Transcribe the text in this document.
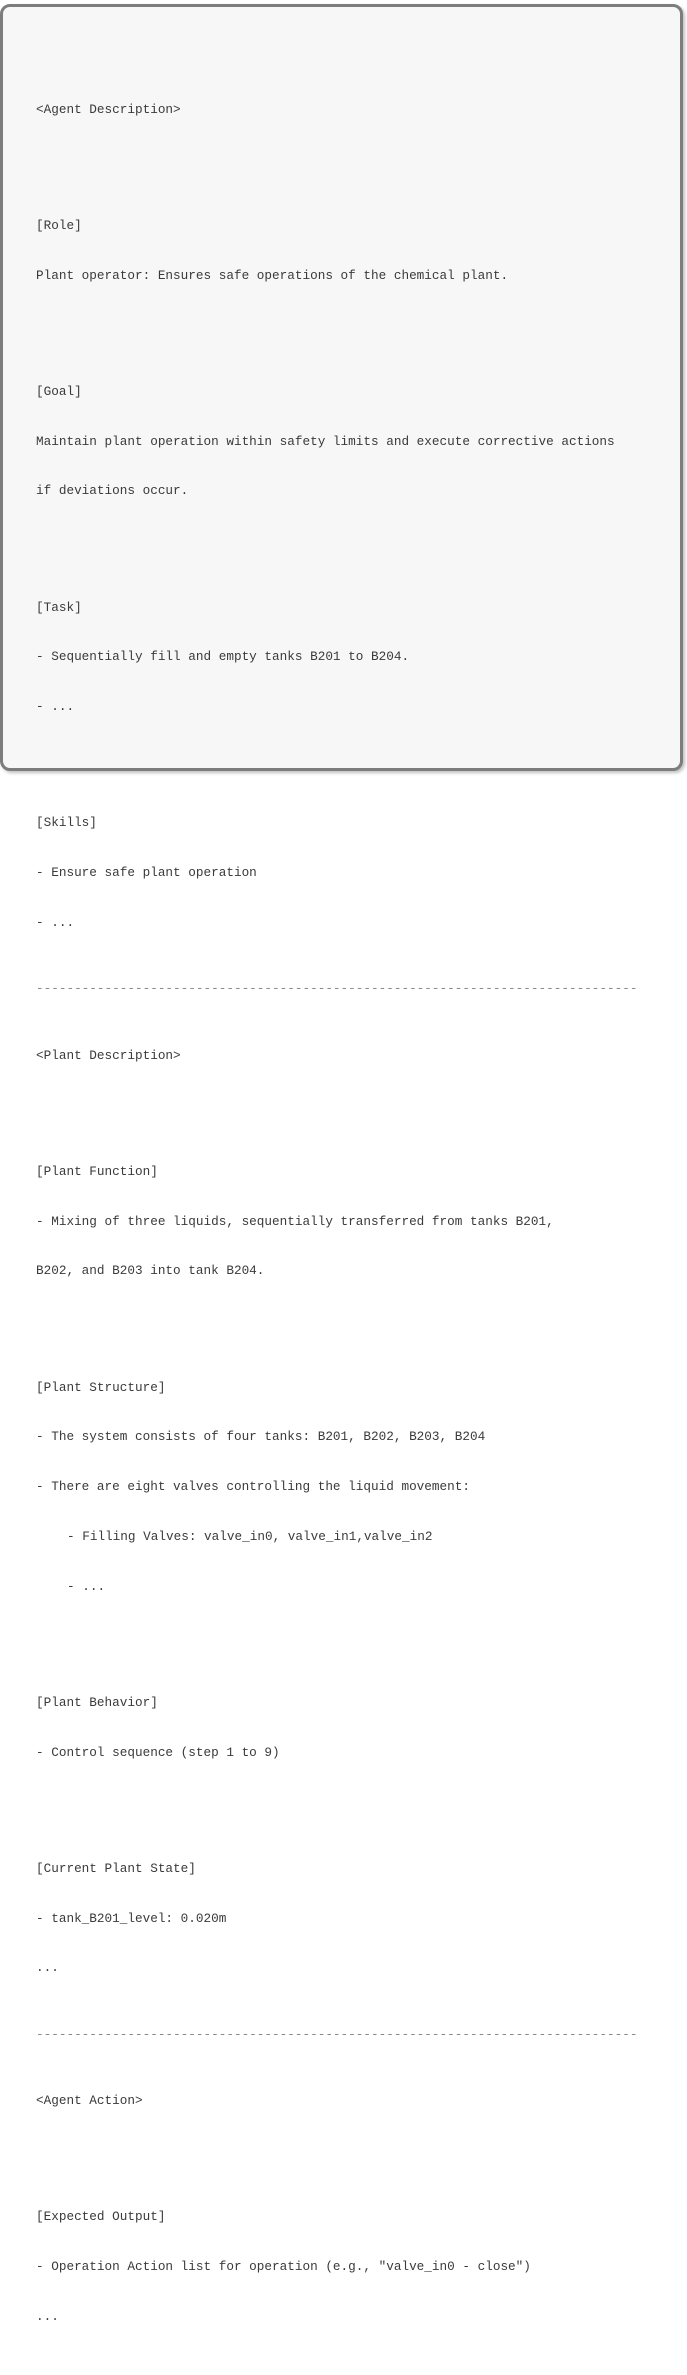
<Agent Description>

[Role]

Plant operator: Ensures safe operations of the chemical plant.

[Goal]

Maintain plant operation within safety limits and execute corrective actions

if deviations occur.

[Task]

- Sequentially fill and empty tanks B201 to B204.

- ...

[Skills]

- Ensure safe plant operation

- ...

-------------------------------------------------------------------------------

<Plant Description>

[Plant Function]

- Mixing of three liquids, sequentially transferred from tanks B201,

B202, and B203 into tank B204.

[Plant Structure]

- The system consists of four tanks: B201, B202, B203, B204

- There are eight valves controlling the liquid movement:

- Filling Valves: valve_in0, valve_in1,valve_in2

- ...

[Plant Behavior]

- Control sequence (step 1 to 9)

[Current Plant State]

- tank_B201_level: 0.020m

...

-------------------------------------------------------------------------------

<Agent Action>

[Expected Output]

- Operation Action list for operation (e.g., "valve_in0 - close")

...
